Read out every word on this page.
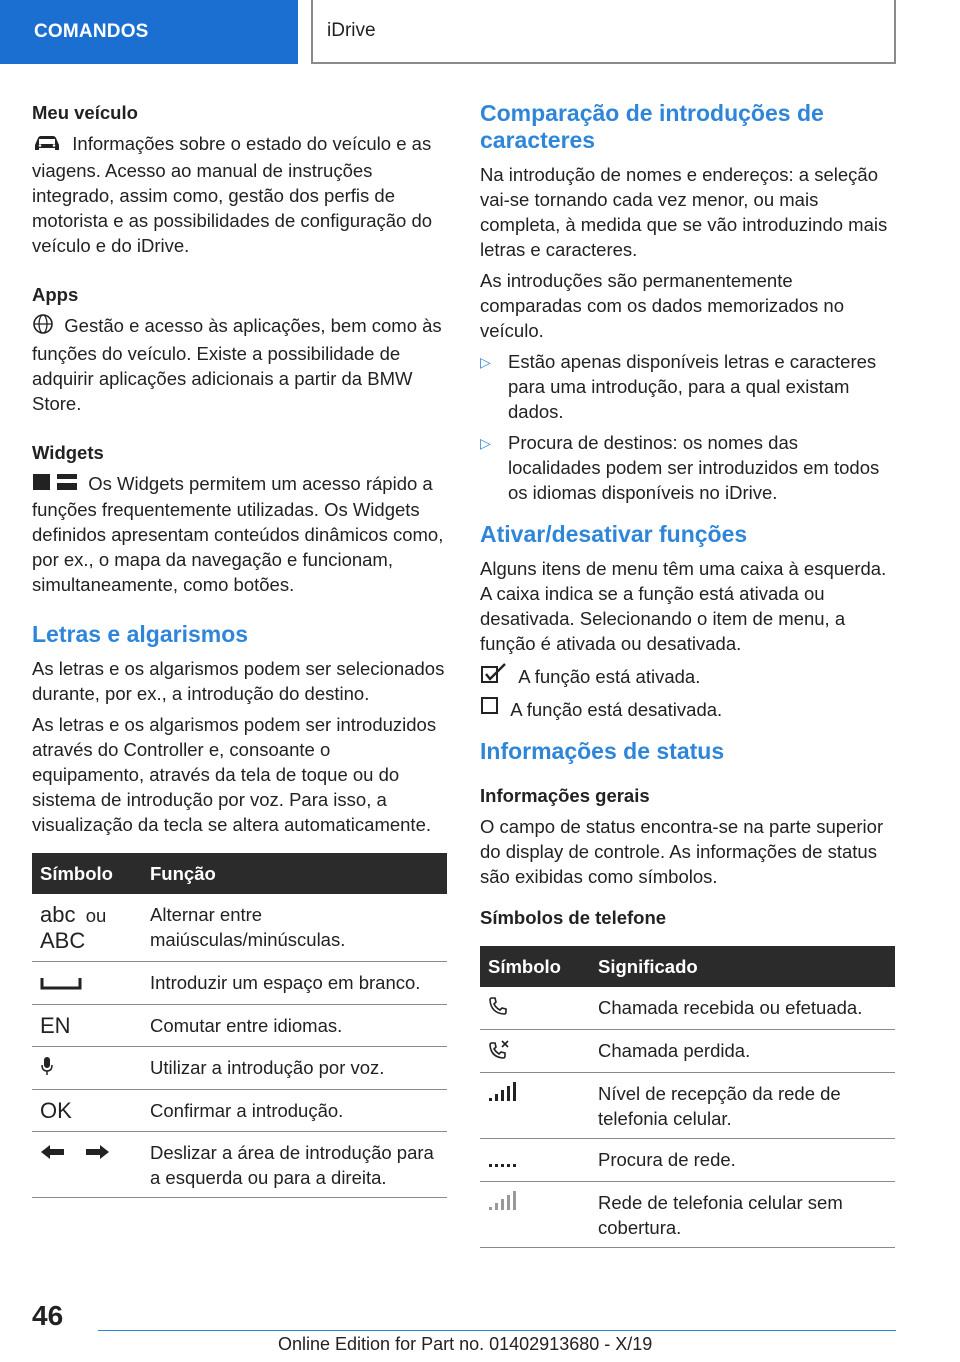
COMANDOS	iDrive
Meu veículo

Informações sobre o estado do veículo e as viagens. Acesso ao manual de instruções integrado, assim como, gestão dos perfis de motorista e as possibilidades de configuração do veículo e do iDrive.

Apps

Gestão e acesso às aplicações, bem como às funções do veículo. Existe a possibilidade de adquirir aplicações adicionais a partir da BMW Store.

Widgets

Os Widgets permitem um acesso rápido a funções frequentemente utilizadas. Os Widgets definidos apresentam conteúdos dinâmicos como, por ex., o mapa da navegação e funcionam, simultaneamente, como botões.

Letras e algarismos

As letras e os algarismos podem ser selecionados durante, por ex., a introdução do destino.

As letras e os algarismos podem ser introduzidos através do Controller e, consoante o equipamento, através da tela de toque ou do sistema de introdução por voz. Para isso, a visualização da tecla se altera automaticamente.

Símbolo	Função
abc ou
ABC	Alternar entre maiúsculas/minúsculas.
	Introduzir um espaço em branco.
EN	Comutar entre idiomas.
	Utilizar a introdução por voz.
OK	Confirmar a introdução.
	Deslizar a área de introdução para a esquerda ou para a direita.
Comparação de introduções de caracteres

Na introdução de nomes e endereços: a seleção vai-se tornando cada vez menor, ou mais completa, à medida que se vão introduzindo mais letras e caracteres.

As introduções são permanentemente comparadas com os dados memorizados no veículo.

▷ Estão apenas disponíveis letras e caracteres para uma introdução, para a qual existam dados.
▷ Procura de destinos: os nomes das localidades podem ser introduzidos em todos os idiomas disponíveis no iDrive.
Ativar/desativar funções

Alguns itens de menu têm uma caixa à esquerda. A caixa indica se a função está ativada ou desativada. Selecionando o item de menu, a função é ativada ou desativada.

A função está ativada.

A função está desativada.

Informações de status
Informações gerais

O campo de status encontra-se na parte superior do display de controle. As informações de status são exibidas como símbolos.

Símbolos de telefone
Símbolo	Significado
	Chamada recebida ou efetuada.
	Chamada perdida.
	Nível de recepção da rede de telefonia celular.
	Procura de rede.
	Rede de telefonia celular sem cobertura.
46
Online Edition for Part no. 01402913680 - X/19
